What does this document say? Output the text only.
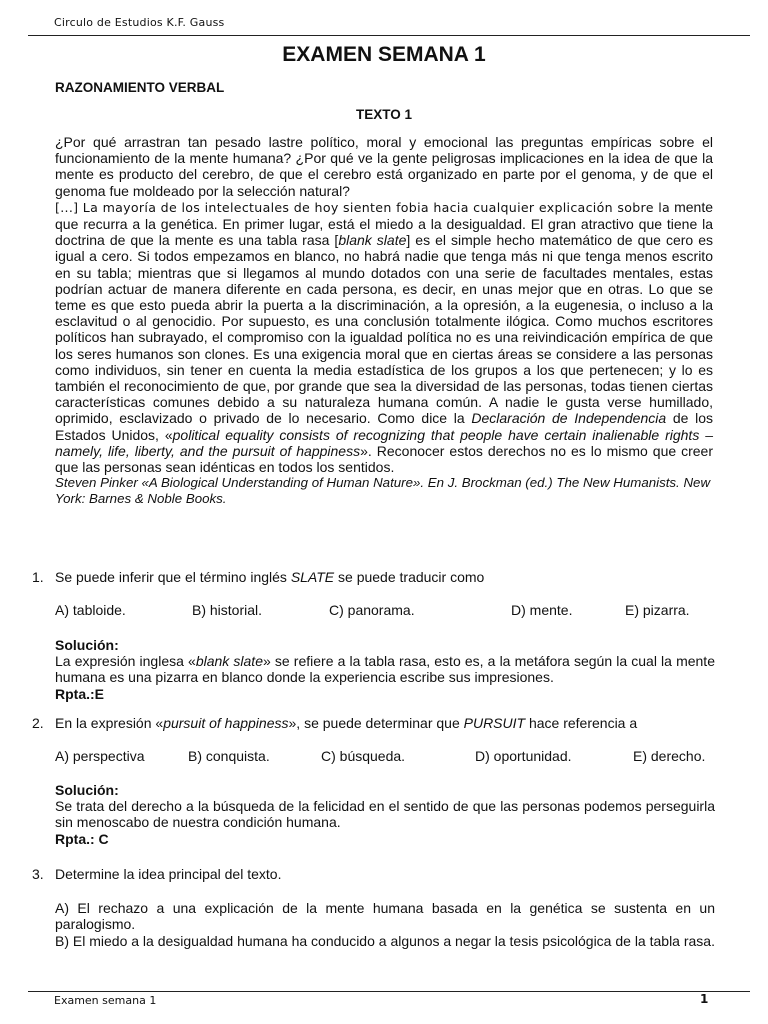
Circulo de Estudios K.F. Gauss
EXAMEN SEMANA 1
RAZONAMIENTO VERBAL
TEXTO 1

¿Por qué arrastran tan pesado lastre político, moral y emocional las preguntas empíricas sobre el funcionamiento de la mente humana? ¿Por qué ve la gente peligrosas implicaciones en la idea de que la mente es producto del cerebro, de que el cerebro está organizado en parte por el genoma, y de que el genoma fue moldeado por la selección natural?

[...] La mayoría de los intelectuales de hoy sienten fobia hacia cualquier explicación sobre la mente que recurra a la genética. En primer lugar, está el miedo a la desigualdad. El gran atractivo que tiene la doctrina de que la mente es una tabla rasa [blank slate] es el simple hecho matemático de que cero es igual a cero. Si todos empezamos en blanco, no habrá nadie que tenga más ni que tenga menos escrito en su tabla; mientras que si llegamos al mundo dotados con una serie de facultades mentales, estas podrían actuar de manera diferente en cada persona, es decir, en unas mejor que en otras. Lo que se teme es que esto pueda abrir la puerta a la discriminación, a la opresión, a la eugenesia, o incluso a la esclavitud o al genocidio. Por supuesto, es una conclusión totalmente ilógica. Como muchos escritores políticos han subrayado, el compromiso con la igualdad política no es una reivindicación empírica de que los seres humanos son clones. Es una exigencia moral que en ciertas áreas se considere a las personas como individuos, sin tener en cuenta la media estadística de los grupos a los que pertenecen; y lo es también el reconocimiento de que, por grande que sea la diversidad de las personas, todas tienen ciertas características comunes debido a su naturaleza humana común. A nadie le gusta verse humillado, oprimido, esclavizado o privado de lo necesario. Como dice la Declaración de Independencia de los Estados Unidos, «political equality consists of recognizing that people have certain inalienable rights –namely, life, liberty, and the pursuit of happiness». Reconocer estos derechos no es lo mismo que creer que las personas sean idénticas en todos los sentidos.

Steven Pinker «A Biological Understanding of Human Nature». En J. Brockman (ed.) The New Humanists. New York: Barnes & Noble Books.

1. Se puede inferir que el término inglés SLATE se puede traducir como
A) tabloide.	B) historial.	C) panorama.	D) mente.	E) pizarra.
Solución:
La expresión inglesa «blank slate» se refiere a la tabla rasa, esto es, a la metáfora según la cual la mente humana es una pizarra en blanco donde la experiencia escribe sus impresiones.
Rpta.:E
2. En la expresión «pursuit of happiness», se puede determinar que PURSUIT hace referencia a
A) perspectiva	B) conquista.	C) búsqueda.	D) oportunidad.	E) derecho.
Solución:
Se trata del derecho a la búsqueda de la felicidad en el sentido de que las personas podemos perseguirla sin menoscabo de nuestra condición humana.
Rpta.: C
3. Determine la idea principal del texto.
A) El rechazo a una explicación de la mente humana basada en la genética se sustenta en un paralogismo.
B) El miedo a la desigualdad humana ha conducido a algunos a negar la tesis psicológica de la tabla rasa.
Examen semana 1	1
